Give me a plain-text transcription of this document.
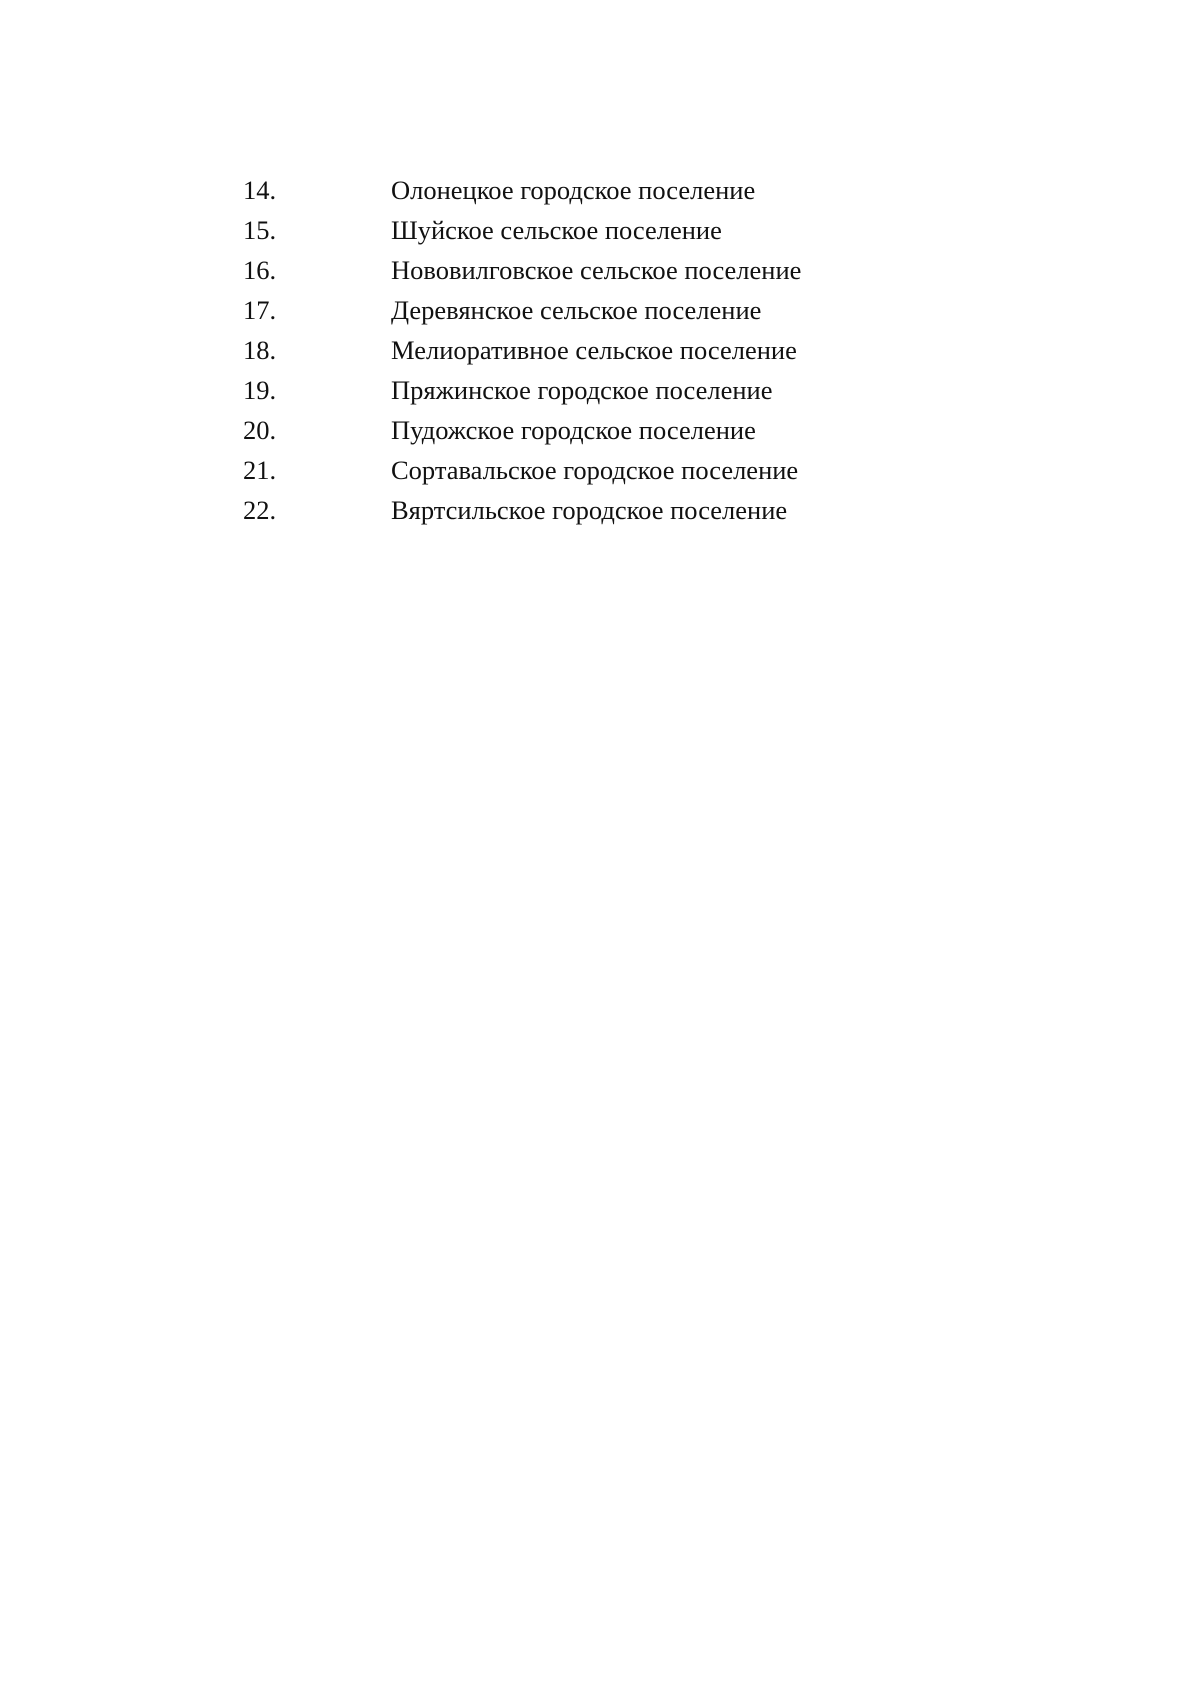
14.	Олонецкое городское поселение
15.	Шуйское сельское поселение
16.	Нововилговское сельское поселение
17.	Деревянское сельское поселение
18.	Мелиоративное сельское поселение
19.	Пряжинское городское поселение
20.	Пудожское городское поселение
21.	Сортавальское городское поселение
22.	Вяртсильское городское поселение
